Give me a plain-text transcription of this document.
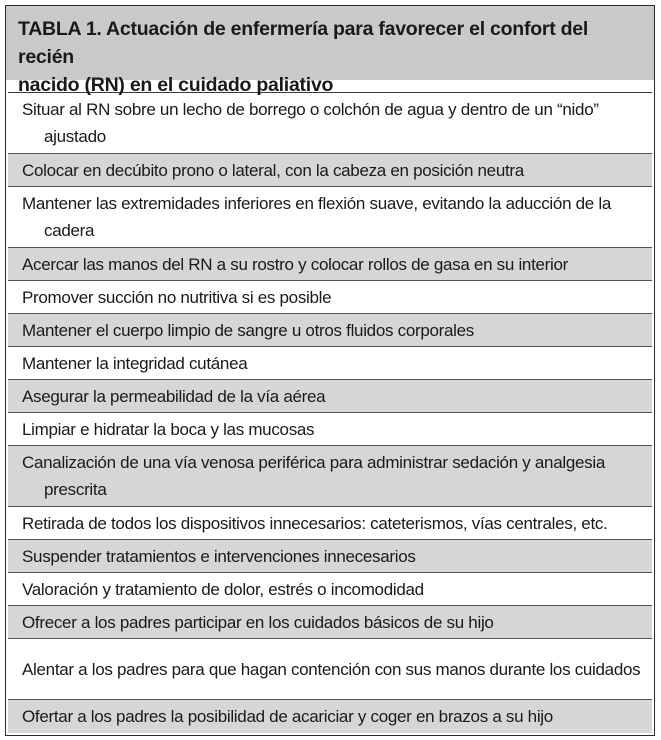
TABLA 1. Actuación de enfermería para favorecer el confort del recién
nacido (RN) en el cuidado paliativo
Situar al RN sobre un lecho de borrego o colchón de agua y dentro de un “nido” ajustado
Colocar en decúbito prono o lateral, con la cabeza en posición neutra
Mantener las extremidades inferiores en flexión suave, evitando la aducción de la cadera
Acercar las manos del RN a su rostro y colocar rollos de gasa en su interior
Promover succión no nutritiva si es posible
Mantener el cuerpo limpio de sangre u otros fluidos corporales
Mantener la integridad cutánea
Asegurar la permeabilidad de la vía aérea
Limpiar e hidratar la boca y las mucosas
Canalización de una vía venosa periférica para administrar sedación y analgesia prescrita
Retirada de todos los dispositivos innecesarios: cateterismos, vías centrales, etc.
Suspender tratamientos e intervenciones innecesarios
Valoración y tratamiento de dolor, estrés o incomodidad
Ofrecer a los padres participar en los cuidados básicos de su hijo
Alentar a los padres para que hagan contención con sus manos durante los cuidados
Ofertar a los padres la posibilidad de acariciar y coger en brazos a su hijo
